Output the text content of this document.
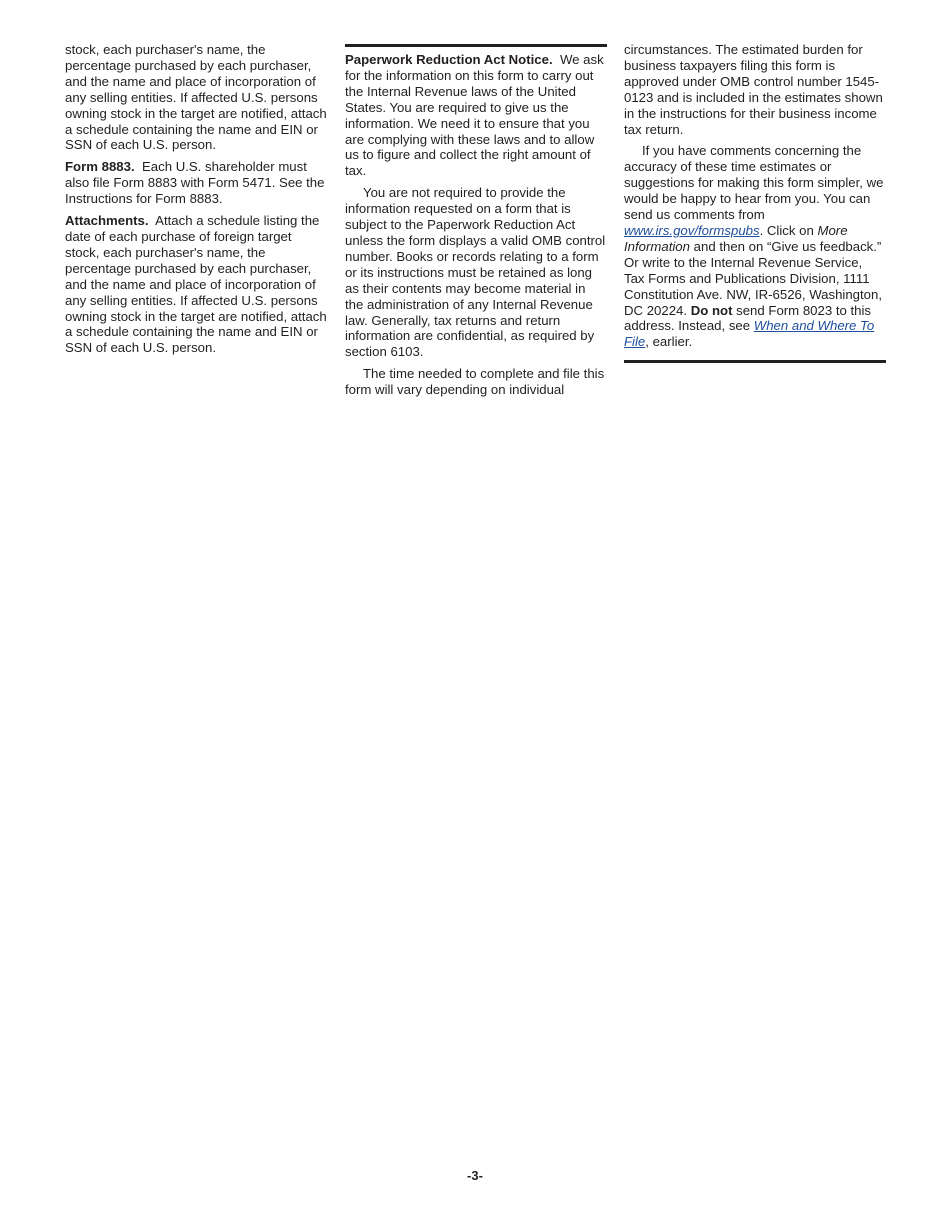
stock, each purchaser's name, the percentage purchased by each purchaser, and the name and place of incorporation of any selling entities. If affected U.S. persons owning stock in the target are notified, attach a schedule containing the name and EIN or SSN of each U.S. person.

Form 8883. Each U.S. shareholder must also file Form 8883 with Form 5471. See the Instructions for Form 8883.

Attachments. Attach a schedule listing the date of each purchase of foreign target stock, each purchaser's name, the percentage purchased by each purchaser, and the name and place of incorporation of any selling entities. If affected U.S. persons owning stock in the target are notified, attach a schedule containing the name and EIN or SSN of each U.S. person.

Paperwork Reduction Act Notice. We ask for the information on this form to carry out the Internal Revenue laws of the United States. You are required to give us the information. We need it to ensure that you are complying with these laws and to allow us to figure and collect the right amount of tax.

You are not required to provide the information requested on a form that is subject to the Paperwork Reduction Act unless the form displays a valid OMB control number. Books or records relating to a form or its instructions must be retained as long as their contents may become material in the administration of any Internal Revenue law. Generally, tax returns and return information are confidential, as required by section 6103.

The time needed to complete and file this form will vary depending on individual

circumstances. The estimated burden for business taxpayers filing this form is approved under OMB control number 1545-0123 and is included in the estimates shown in the instructions for their business income tax return.

If you have comments concerning the accuracy of these time estimates or suggestions for making this form simpler, we would be happy to hear from you. You can send us comments from www.irs.gov/formspubs. Click on More Information and then on “Give us feedback.” Or write to the Internal Revenue Service, Tax Forms and Publications Division, 1111 Constitution Ave. NW, IR-6526, Washington, DC 20224. Do not send Form 8023 to this address. Instead, see When and Where To File, earlier.

-3-
